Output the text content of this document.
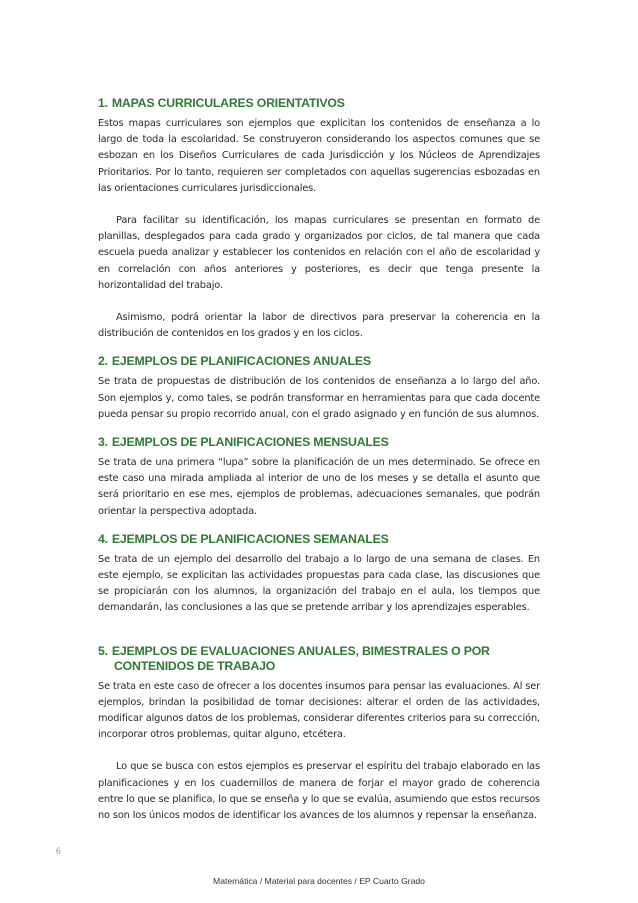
1. MAPAS CURRICULARES ORIENTATIVOS

Estos mapas curriculares son ejemplos que explicitan los contenidos de enseñanza a lo largo de toda la escolaridad. Se construyeron considerando los aspectos comunes que se esbozan en los Diseños Curriculares de cada Jurisdicción y los Núcleos de Aprendizajes Prioritarios. Por lo tanto, requieren ser completados con aquellas sugerencias esbozadas en las orientaciones curriculares jurisdiccionales.

Para facilitar su identificación, los mapas curriculares se presentan en formato de planillas, desplegados para cada grado y organizados por ciclos, de tal manera que cada escuela pueda analizar y establecer los contenidos en relación con el año de escolaridad y en correlación con años anteriores y posteriores, es decir que tenga presente la horizontalidad del trabajo.

Asimismo, podrá orientar la labor de directivos para preservar la coherencia en la distribución de contenidos en los grados y en los ciclos.

2. EJEMPLOS DE PLANIFICACIONES ANUALES

Se trata de propuestas de distribución de los contenidos de enseñanza a lo largo del año. Son ejemplos y, como tales, se podrán transformar en herramientas para que cada docente pueda pensar su propio recorrido anual, con el grado asignado y en función de sus alumnos.

3. EJEMPLOS DE PLANIFICACIONES MENSUALES

Se trata de una primera “lupa” sobre la planificación de un mes determinado. Se ofrece en este caso una mirada ampliada al interior de uno de los meses y se detalla el asunto que será prioritario en ese mes, ejemplos de problemas, adecuaciones semanales, que podrán orientar la perspectiva adoptada.

4. EJEMPLOS DE PLANIFICACIONES SEMANALES

Se trata de un ejemplo del desarrollo del trabajo a lo largo de una semana de clases. En este ejemplo, se explicitan las actividades propuestas para cada clase, las discusiones que se propiciarán con los alumnos, la organización del trabajo en el aula, los tiempos que demandarán, las conclusiones a las que se pretende arribar y los aprendizajes esperables.

5. EJEMPLOS DE EVALUACIONES ANUALES, BIMESTRALES O POR
CONTENIDOS DE TRABAJO

Se trata en este caso de ofrecer a los docentes insumos para pensar las evaluaciones. Al ser ejemplos, brindan la posibilidad de tomar decisiones: alterar el orden de las actividades, modificar algunos datos de los problemas, considerar diferentes criterios para su corrección, incorporar otros problemas, quitar alguno, etcétera.

Lo que se busca con estos ejemplos es preservar el espíritu del trabajo elaborado en las planificaciones y en los cuadernillos de manera de forjar el mayor grado de coherencia entre lo que se planifica, lo que se enseña y lo que se evalúa, asumiendo que estos recursos no son los únicos modos de identificar los avances de los alumnos y repensar la enseñanza.

6
Matemática / Material para docentes / EP Cuarto Grado
